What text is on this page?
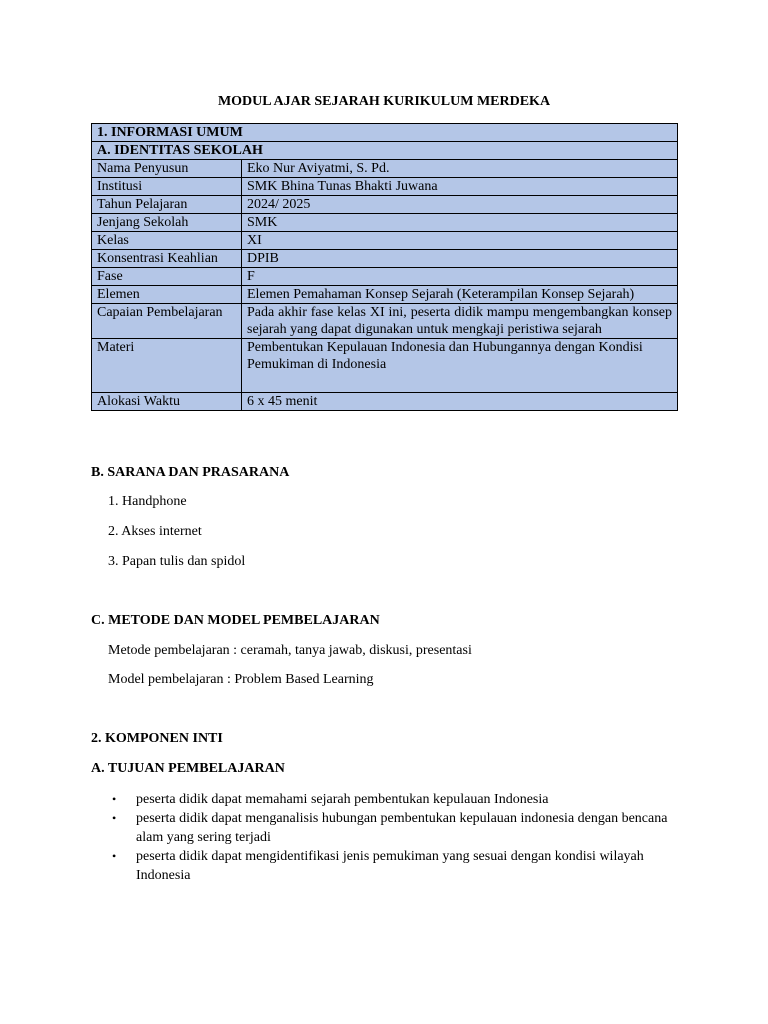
MODUL AJAR SEJARAH KURIKULUM MERDEKA
1. INFORMASI UMUM	
A. IDENTITAS SEKOLAH	
Nama Penyusun	Eko Nur Aviyatmi, S. Pd.
Institusi	SMK Bhina Tunas Bhakti Juwana
Tahun Pelajaran	2024/ 2025
Jenjang Sekolah	SMK
Kelas	XI
Konsentrasi Keahlian	DPIB
Fase	F
Elemen	Elemen Pemahaman Konsep Sejarah (Keterampilan Konsep Sejarah)
Capaian Pembelajaran	Pada akhir fase kelas XI ini, peserta didik mampu mengembangkan konsep sejarah yang dapat digunakan untuk mengkaji peristiwa sejarah
Materi	Pembentukan Kepulauan Indonesia dan Hubungannya dengan Kondisi Pemukiman di Indonesia
Alokasi Waktu	6 x 45 menit
B. SARANA DAN PRASARANA
1. Handphone
2. Akses internet
3. Papan tulis dan spidol
C. METODE DAN MODEL PEMBELAJARAN
Metode pembelajaran : ceramah, tanya jawab, diskusi, presentasi
Model pembelajaran : Problem Based Learning
2. KOMPONEN INTI
A. TUJUAN PEMBELAJARAN
• peserta didik dapat memahami sejarah pembentukan kepulauan Indonesia
• peserta didik dapat menganalisis hubungan pembentukan kepulauan indonesia dengan bencana alam yang sering terjadi
• peserta didik dapat mengidentifikasi jenis pemukiman yang sesuai dengan kondisi wilayah Indonesia
